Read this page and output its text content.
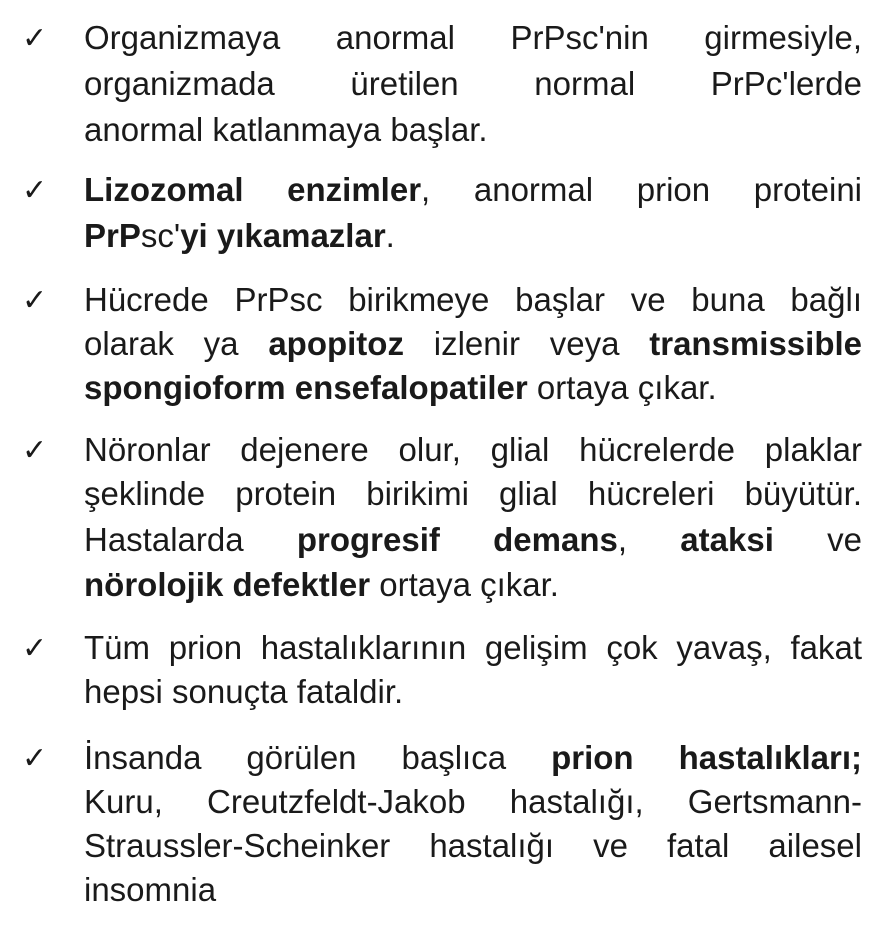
✓ Organizmaya anormal PrPsc'nin girmesiyle,
organizmada üretilen normal PrPc'lerde
anormal katlanmaya başlar.
✓ Lizozomal enzimler, anormal prion proteini
PrPsc'yi yıkamazlar.
✓ Hücrede PrPsc birikmeye başlar ve buna bağlı
olarak ya apopitoz izlenir veya transmissible
spongioform ensefalopatiler ortaya çıkar.
✓ Nöronlar dejenere olur, glial hücrelerde plaklar
şeklinde protein birikimi glial hücreleri büyütür.
Hastalarda progresif demans, ataksi ve
nörolojik defektler ortaya çıkar.
✓ Tüm prion hastalıklarının gelişim çok yavaş, fakat
hepsi sonuçta fataldir.
✓ İnsanda görülen başlıca prion hastalıkları;
Kuru, Creutzfeldt-Jakob hastalığı, Gertsmann-
Straussler-Scheinker hastalığı ve fatal ailesel
insomnia
